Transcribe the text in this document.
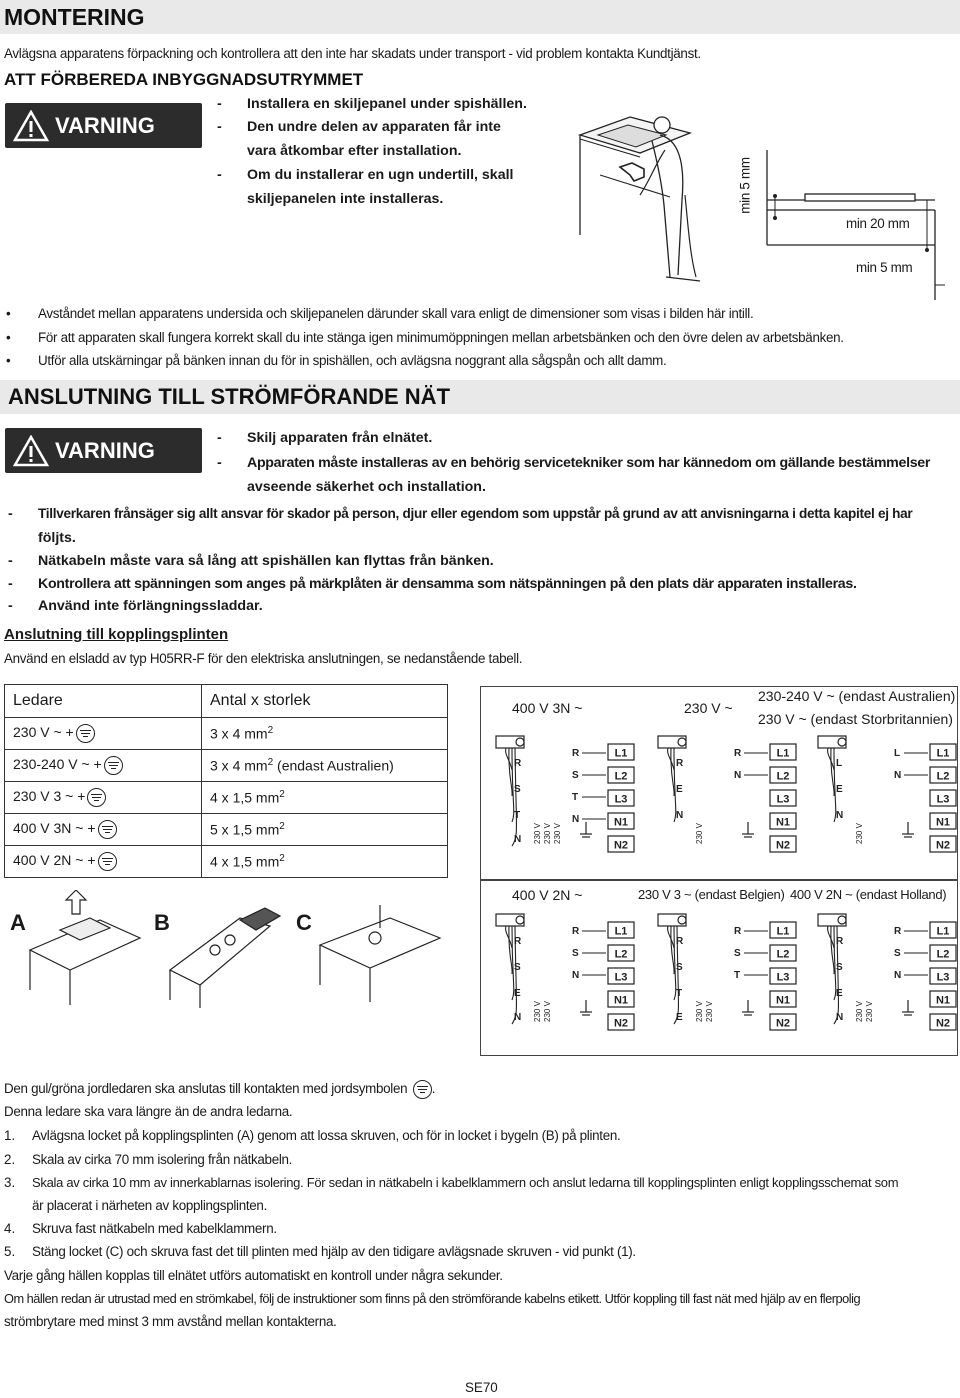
MONTERING
Avlägsna apparatens förpackning och kontrollera att den inte har skadats under transport - vid problem kontakta Kundtjänst.
ATT FÖRBEREDA INBYGGNADSUTRYMMET
VARNING
- Installera en skiljepanel under spishällen.
- Den undre delen av apparaten får inte
vara åtkombar efter installation.
- Om du installerar en ugn undertill, skall
skiljepanelen inte installeras.	min 5 mm
min 20 mm
min 5 mm
• Avståndet mellan apparatens undersida och skiljepanelen därunder skall vara enligt de dimensioner som visas i bilden här intill.
• För att apparaten skall fungera korrekt skall du inte stänga igen minimumöppningen mellan arbetsbänken och den övre delen av arbetsbänken.
• Utför alla utskärningar på bänken innan du för in spishällen, och avlägsna noggrant alla sågspån och allt damm.
ANSLUTNING TILL STRÖMFÖRANDE NÄT
VARNING	- Skilj apparaten från elnätet.
- Apparaten måste installeras av en behörig servicetekniker som har kännedom om gällande bestämmelser
avseende säkerhet och installation.
- Tillverkaren frånsäger sig allt ansvar för skador på person, djur eller egendom som uppstår på grund av att anvisningarna i detta kapitel ej har
följts.
- Nätkabeln måste vara så lång att spishällen kan flyttas från bänken.
- Kontrollera att spänningen som anges på märkplåten är densamma som nätspänningen på den plats där apparaten installeras.
- Använd inte förlängningssladdar.
Anslutning till kopplingsplinten
Använd en elsladd av typ H05RR-F för den elektriska anslutningen, se nedanstående tabell.
Ledare	Antal x storlek
230 V ~ +	3 x 4 $mm^2$
230-240 V ~ +	3 x 4 $mm^2$ (endast Australien)
230 V 3 ~ +	4 x 1,5 $mm^2$
400 V 3N ~ +	5 x 1,5 $mm^2$
400 V 2N ~ +	4 x 1,5 $mm^2$
A	B	C
400 V 3N ~	230 V ~
230-240 V ~ (endast Australien)
230 V ~ (endast Storbritannien)
400 V 2N ~	230 V 3 ~ (endast Belgien) 400 V 2N ~ (endast Holland)
L1
L2
L3
N1
N2
R
S
T
N
R
S
T
N
230 V 230 V 230 V
L1
L2
L3
N1
N2
R
E
N
R
N
230 V
L1
L2
L3
N1
N2
L
E
N
L
N
230 V
L1
L2
L3
N1
N2
R
S
E
N
R
S
N
230 V 230 V
L1
L2
L3
N1
N2
R
S
T
E
R
S
T
230 V 230 V
L1
L2
L3
N1
N2
R
S
E
N
R
S
N
230 V 230 V
Den gul/gröna jordledaren ska anslutas till kontakten med jordsymbolen .
Denna ledare ska vara längre än de andra ledarna.
1. Avlägsna locket på kopplingsplinten (A) genom att lossa skruven, och för in locket i bygeln (B) på plinten.
2. Skala av cirka 70 mm isolering från nätkabeln.
3. Skala av cirka 10 mm av innerkablarnas isolering. För sedan in nätkabeln i kabelklammern och anslut ledarna till kopplingsplinten enligt kopplingsschemat som
är placerat i närheten av kopplingsplinten.
4. Skruva fast nätkabeln med kabelklammern.
5. Stäng locket (C) och skruva fast det till plinten med hjälp av den tidigare avlägsnade skruven - vid punkt (1).
Varje gång hällen kopplas till elnätet utförs automatiskt en kontroll under några sekunder.
Om hällen redan är utrustad med en strömkabel, följ de instruktioner som finns på den strömförande kabelns etikett. Utför koppling till fast nät med hjälp av en flerpolig
strömbrytare med minst 3 mm avstånd mellan kontakterna.
SE70
